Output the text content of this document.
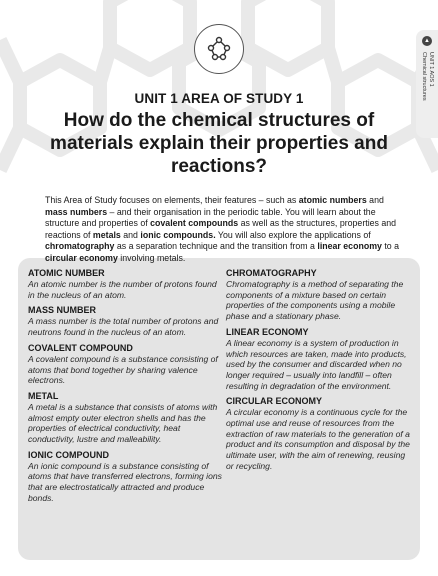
▲
UNIT 1 AOS 1
Chemical structures
UNIT 1 AREA OF STUDY 1
How do the chemical structures of materials explain their properties and reactions?

This Area of Study focuses on elements, their features – such as atomic numbers and mass numbers – and their organisation in the periodic table. You will learn about the structure and properties of covalent compounds as well as the structures, properties and reactions of metals and ionic compounds. You will also explore the applications of chromatography as a separation technique and the transition from a linear economy to a circular economy involving metals.

ATOMIC NUMBER
An atomic number is the number of protons found in the nucleus of an atom.
MASS NUMBER
A mass number is the total number of protons and neutrons found in the nucleus of an atom.
COVALENT COMPOUND
A covalent compound is a substance consisting of atoms that bond together by sharing valence electrons.
METAL
A metal is a substance that consists of atoms with almost empty outer electron shells and has the properties of electrical conductivity, heat conductivity, lustre and malleability.
IONIC COMPOUND
An ionic compound is a substance consisting of atoms that have transferred electrons, forming ions that are electrostatically attracted and produce bonds.
CHROMATOGRAPHY
Chromatography is a method of separating the components of a mixture based on certain properties of the components using a mobile phase and a stationary phase.
LINEAR ECONOMY
A linear economy is a system of production in which resources are taken, made into products, used by the consumer and discarded when no longer required – usually into landfill – often resulting in degradation of the environment.
CIRCULAR ECONOMY
A circular economy is a continuous cycle for the optimal use and reuse of resources from the extraction of raw materials to the generation of a product and its consumption and disposal by the ultimate user, with the aim of renewing, reusing or recycling.
